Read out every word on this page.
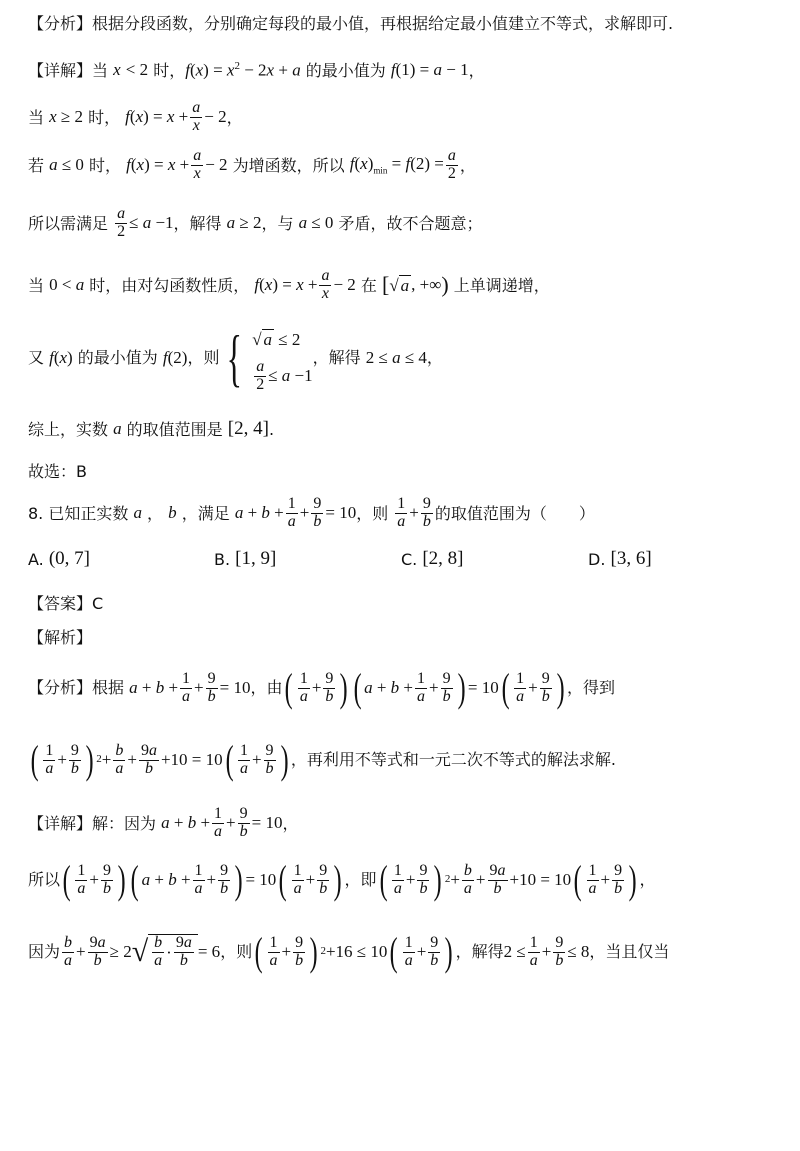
【分析】 根据分段函数，分别确定每段的最小值，再根据给定最小值建立不等式，求解即可.
【详解】 当
x
< 2 时， $f(x) = x^2 - 2x + a$ 的最小值为 f(1) = a − 1 ，
当 x ≥ 2 时， $f(x) = x + \frac{a}{x} - 2$ ，
若 a ≤ 0 时， $f(x) = x + \frac{a}{x} - 2$ 为增函数，所以 $f(x)_{min} = f(2) = \frac{a}{2}$ ，
所以需满足 $\frac{a}{2} \le a -1$ ，解得 a ≥ 2 ，与 a ≤ 0 矛盾，故不合题意；
当 0 < a 时，由对勾函数性质， $f(x) = x + \frac{a}{x} - 2$ 在 [ √ a , +∞ ) 上单调递增，
又 f(x) 的最小值为 f(2) ，则 { √ a ≤ 2
$\frac{a}{2} \le a -1$
，解得 2 ≤ a ≤ 4 ，
综上，实数 a 的取值范围是 [2, 4] .
故选：B
8. 已知正实数 a ， b ，满足 $a + b + \frac{1}{a} + \frac{9}{b} = 10$ ，则 $\frac{1}{a} + \frac{9}{b}$ 的取值范围为（　　）
A.
(0, 7]	B.
[1, 9]	C.
[2, 8]	D.
[3, 6]
【答案】C
【解析】
【分析】根据 $a + b + \frac{1}{a} + \frac{9}{b} = 10$ ，由 ( $\frac{1}{a} + \frac{9}{b}$ ) ( $a + b + \frac{1}{a} + \frac{9}{b}$ ) = 10 ( $\frac{1}{a} + \frac{9}{b}$ ) ，得到
( $\frac{1}{a} + \frac{9}{b}$ ) $2 + \frac{b}{a} + \frac{9a}{b} +10 = 10$ ( $\frac{1}{a} + \frac{9}{b}$ ) ，再利用不等式和一元二次不等式的解法求解.
【详解】解：因为 $a + b + \frac{1}{a} + \frac{9}{b} = 10$ ，
所以 ( $\frac{1}{a} + \frac{9}{b}$ ) ( $a + b + \frac{1}{a} + \frac{9}{b}$ ) = 10 ( $\frac{1}{a} + \frac{9}{b}$ ) ，即 ( $\frac{1}{a} + \frac{9}{b}$ ) $2 + \frac{b}{a} + \frac{9a}{b} +10 = 10$ ( $\frac{1}{a} + \frac{9}{b}$ ) ，
因为 $\frac{b}{a} + \frac{9a}{b} \ge 2$ √ $\frac{b}{a} \cdot \frac{9a}{b} = 6$ ，则 ( $\frac{1}{a} + \frac{9}{b}$ ) 2 +16 ≤ 10 ( $\frac{1}{a} + \frac{9}{b}$ ) ，解得 $2 \le \frac{1}{a} + \frac{9}{b} \le 8$ ，当且仅当
